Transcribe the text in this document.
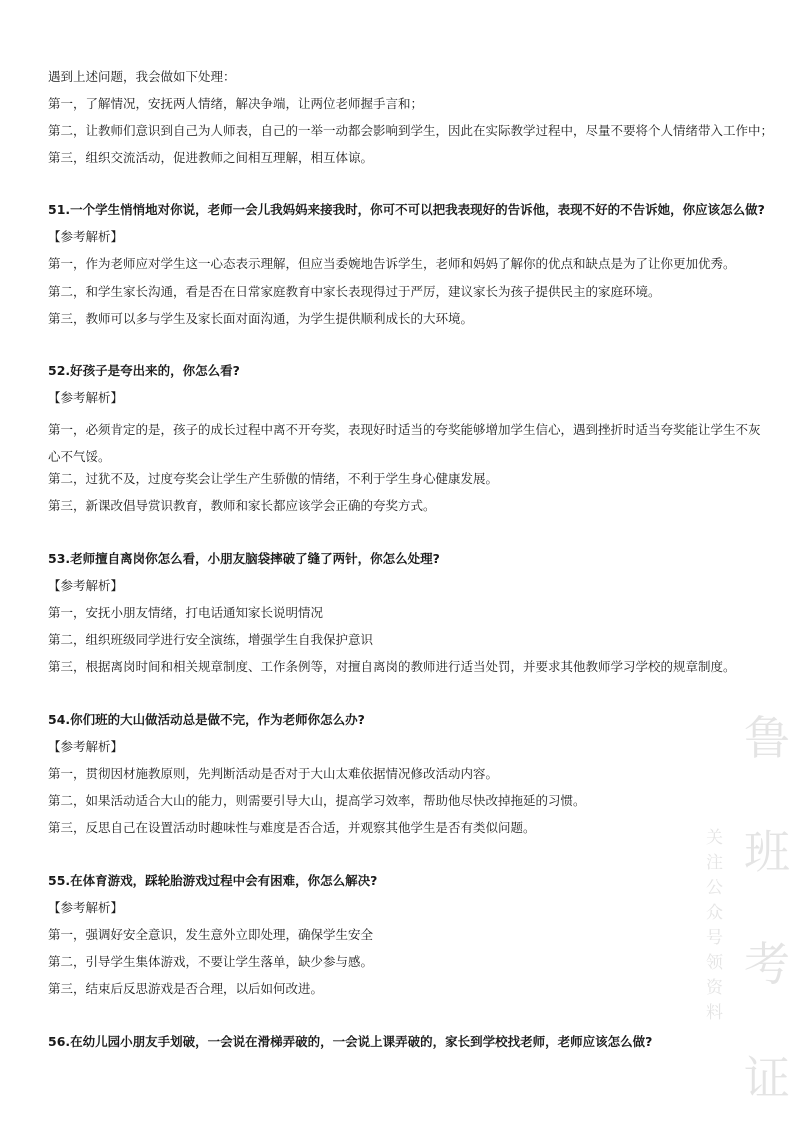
遇到上述问题，我会做如下处理：
第一，了解情况，安抚两人情绪，解决争端，让两位老师握手言和；
第二，让教师们意识到自己为人师表，自己的一举一动都会影响到学生，因此在实际教学过程中，尽量不要将个人情绪带入工作中；
第三，组织交流活动，促进教师之间相互理解，相互体谅。
51.一个学生悄悄地对你说，老师一会儿我妈妈来接我时，你可不可以把我表现好的告诉他，表现不好的不告诉她，你应该怎么做?
【参考解析】
第一，作为老师应对学生这一心态表示理解，但应当委婉地告诉学生，老师和妈妈了解你的优点和缺点是为了让你更加优秀。
第二，和学生家长沟通，看是否在日常家庭教育中家长表现得过于严厉，建议家长为孩子提供民主的家庭环境。
第三，教师可以多与学生及家长面对面沟通，为学生提供顺利成长的大环境。
52.好孩子是夸出来的，你怎么看?
【参考解析】
第一，必须肯定的是，孩子的成长过程中离不开夸奖，表现好时适当的夸奖能够增加学生信心，遇到挫折时适当夸奖能让学生不灰心不气馁。
第二，过犹不及，过度夸奖会让学生产生骄傲的情绪，不利于学生身心健康发展。
第三，新课改倡导赏识教育，教师和家长都应该学会正确的夸奖方式。
53.老师擅自离岗你怎么看，小朋友脑袋摔破了缝了两针，你怎么处理?
【参考解析】
第一，安抚小朋友情绪，打电话通知家长说明情况
第二，组织班级同学进行安全演练，增强学生自我保护意识
第三，根据离岗时间和相关规章制度、工作条例等，对擅自离岗的教师进行适当处罚，并要求其他教师学习学校的规章制度。
54.你们班的大山做活动总是做不完，作为老师你怎么办?
【参考解析】
第一，贯彻因材施教原则，先判断活动是否对于大山太难依据情况修改活动内容。
第二，如果活动适合大山的能力，则需要引导大山，提高学习效率，帮助他尽快改掉拖延的习惯。
第三，反思自己在设置活动时趣味性与难度是否合适，并观察其他学生是否有类似问题。
55.在体育游戏，踩轮胎游戏过程中会有困难，你怎么解决?
【参考解析】
第一，强调好安全意识，发生意外立即处理，确保学生安全
第二，引导学生集体游戏，不要让学生落单，缺少参与感。
第三，结束后反思游戏是否合理，以后如何改进。
56.在幼儿园小朋友手划破，一会说在滑梯弄破的，一会说上课弄破的，家长到学校找老师，老师应该怎么做?
鲁
班
考
证
关注公众号领资料
